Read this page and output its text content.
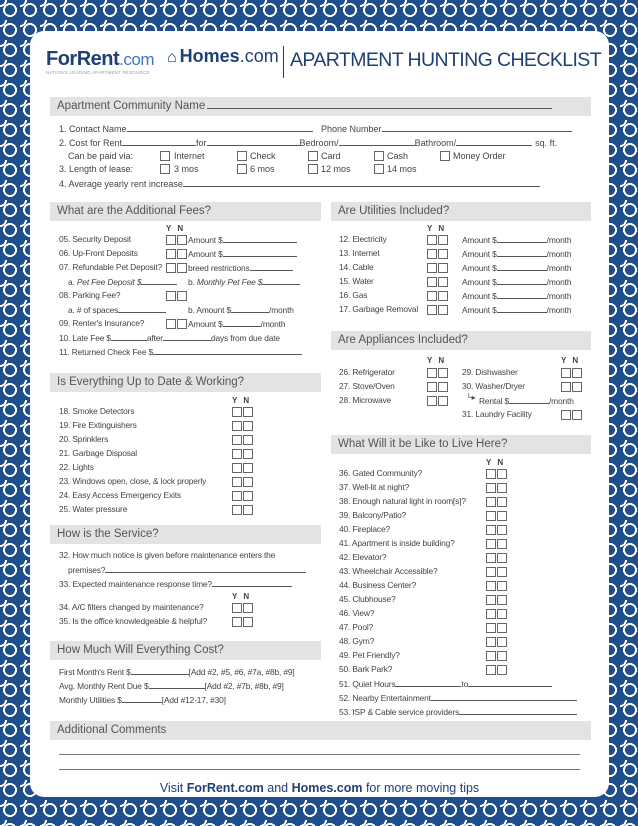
ForRent.com
NATION'S LEADING APARTMENT RESOURCE
⌂ Homes.com APARTMENT HUNTING CHECKLIST
Apartment Community Name
1. Contact Name	Phone Number
2. Cost for Rent	for	Bedroom/	Bathroom/	sq. ft.
Can be paid via:	Internet	Check	Card	Cash	Money Order
3. Length of lease:	3 mos	6 mos	12 mos	14 mos
4. Average yearly rent increase
What are the Additional Fees?
Y N
05. Security Deposit	Amount $
06. Up-Front Deposits	Amount $
07. Refundable Pet Deposit?	breed restrictions
a. Pet Fee Deposit $	b. Monthly Pet Fee $
08. Parking Fee?
a. # of spaces	b. Amount $	/month
09. Renter's Insurance?	Amount $	/month
10. Late Fee $	after	days from due date
11. Returned Check Fee $
Are Utilities Included?
Y N
12. Electricity	Amount $	/month
13. Internet	Amount $	/month
14. Cable	Amount $	/month
15. Water	Amount $	/month
16. Gas	Amount $	/month
17. Garbage Removal	Amount $	/month
Are Appliances Included?
Y N	Y N
26. Refrigerator	29. Dishwasher
27. Stove/Oven	30. Washer/Dryer
28. Microwave	└▸ Rental $	/month
31. Laundry Facility
Is Everything Up to Date & Working?
Y N
18. Smoke Detectors
19. Fire Extinguishers
20. Sprinklers
21. Garbage Disposal
22. Lights
23. Windows open, close, & lock properly
24. Easy Access Emergency Exits
25. Water pressure
What Will it be Like to Live Here?
Y N
36. Gated Community?
37. Well-lit at night?
38. Enough natural light in room[s]?
39. Balcony/Patio?
40. Fireplace?
41. Apartment is inside building?
42. Elevator?
43. Wheelchair Accessible?
44. Business Center?
45. Clubhouse?
46. View?
47. Pool?
48. Gym?
49. Pet Friendly?
50. Bark Park?
51. Quiet Hours	to
52. Nearby Entertainment
53. ISP & Cable service providers
How is the Service?
32. How much notice is given before maintenance enters the
premises?
33. Expected maintenance response time?
Y N
34. A/C filters changed by maintenance?
35. Is the office knowledgeable & helpful?
How Much Will Everything Cost?
First Month's Rent $	[Add #2, #5, #6, #7a, #8b, #9]
Avg. Monthly Rent Due $	[Add #2, #7b, #8b, #9]
Monthly Utilities $	[Add #12-17, #30]
Additional Comments
Visit ForRent.com and Homes.com for more moving tips
